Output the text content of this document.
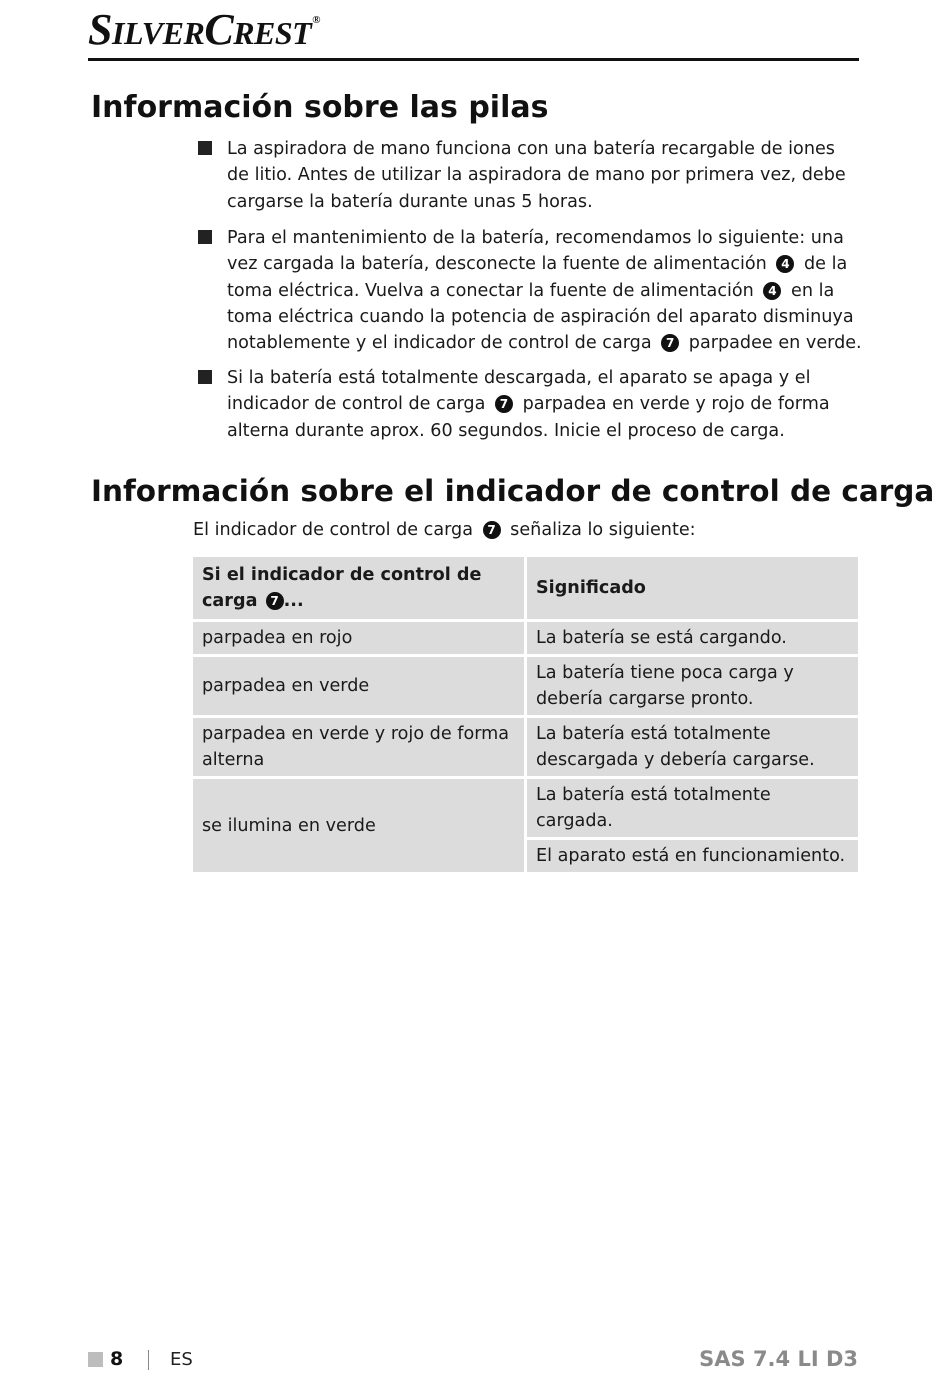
SILVERCREST®
Información sobre las pilas
La aspiradora de mano funciona con una batería recargable de iones de litio. Antes de utilizar la aspiradora de mano por primera vez, debe cargarse la batería durante unas 5 horas.
Para el mantenimiento de la batería, recomendamos lo siguiente: una vez cargada la batería, desconecte la fuente de alimentación 4 de la toma eléctrica. Vuelva a conectar la fuente de alimentación 4 en la toma eléctrica cuando la potencia de aspiración del aparato disminuya notablemente y el indicador de control de carga 7 parpadee en verde.
Si la batería está totalmente descargada, el aparato se apaga y el indicador de control de carga 7 parpadea en verde y rojo de forma alterna durante aprox. 60 segundos. Inicie el proceso de carga.
Información sobre el indicador de control de carga
El indicador de control de carga 7 señaliza lo siguiente:
Si el indicador de control de carga 7 ...	Significado
parpadea en rojo	La batería se está cargando.
parpadea en verde	La batería tiene poca carga y debería cargarse pronto.
parpadea en verde y rojo de forma alterna	La batería está totalmente descargada y debería cargarse.
se ilumina en verde	La batería está totalmente cargada.
	El aparato está en funcionamiento.
8	ES	SAS 7.4 LI D3
